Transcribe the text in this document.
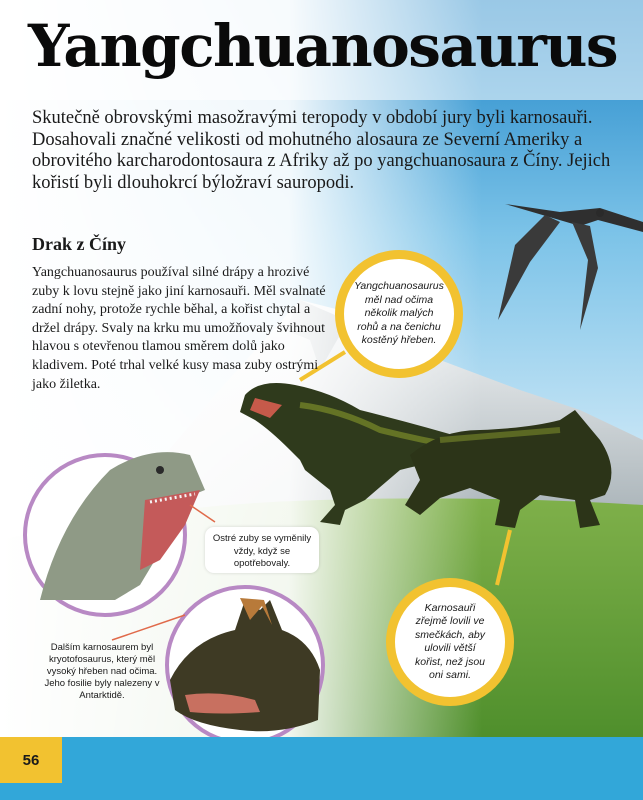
Yangchuanosaurus

Skutečně obrovskými masožravými teropody v období jury byli karnosauři. Dosahovali značné velikosti od mohutného alosaura ze Severní Ameriky a obrovitého karcharodontosaura z Afriky až po yangchuanosaura z Číny. Jejich kořistí byli dlouhokrcí býložraví sauropodi.

Drak z Číny

Yangchuanosaurus používal silné drápy a hrozivé zuby k lovu stejně jako jiní karnosauři. Měl svalnaté zadní nohy, protože rychle běhal, a kořist chytal a držel drápy. Svaly na krku mu umožňovaly švihnout hlavou s otevřenou tlamou směrem dolů jako kladivem. Poté trhal velké kusy masa zuby ostrými jako žiletka.

Yangchuanosaurus měl nad očima několik malých rohů a na čenichu kostěný hřeben.
Karnosauři zřejmě lovili ve smečkách, aby ulovili větší kořist, než jsou oni sami.
Ostré zuby se vyměnily vždy, když se opotřebovaly.
Dalším karnosaurem byl kryotofosaurus, který měl vysoký hřeben nad očima. Jeho fosilie byly nalezeny v Antarktidě.
56
